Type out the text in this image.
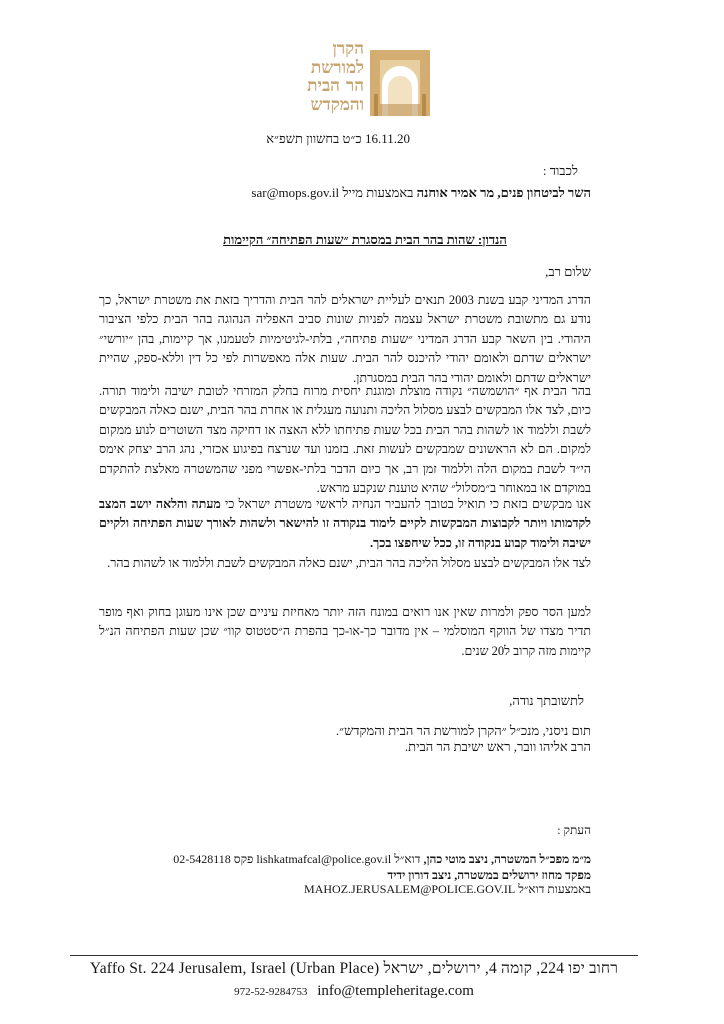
הקרן
למורשת
הר הבית
והמקדש
16.11.20 כ״ט בחשוון תשפ״א
לכבוד :
השר לביטחון פנים, מר אמיר אוחנה באמצעות מייל sar@mops.gov.il
הנדון: שהות בהר הבית במסגרת ״שעות הפתיחה״ הקיימות
שלום רב,
הדרג המדיני קבע בשנת 2003 תנאים לעליית ישראלים להר הבית והדריך בזאת את משטרת ישראל, כך נודע גם מתשובת משטרת ישראל עצמה לפניות שונות סביב האפליה הנהוגה בהר הבית כלפי הציבור היהודי. בין השאר קבע הדרג המדיני ״שעות פתיחה״, בלתי-לגיטימיות לטעמנו, אך קיימות, בהן ״יורשי״ ישראלים שדתם ולאומם יהודי להיכנס להר הבית. שעות אלה מאפשרות לפי כל דין וללא-ספק, שהיית ישראלים שדתם ולאומם יהודי בהר הבית במסגרתן.
בהר הבית אף ״הושמשה״ נקודה מוצלת ומוגנת יחסית מרוח בחלק המזרחי לטובת ישיבה ולימוד תורה. כיום, לצד אלו המבקשים לבצע מסלול הליכה ותנועה מעגלית או אחרת בהר הבית, ישנם כאלה המבקשים לשבת וללמוד או לשהות בהר הבית בכל שעות פתיחתו ללא האצה או דחיקה מצד השוטרים לנוע ממקום למקום. הם לא הראשונים שמבקשים לעשות זאת. בזמנו ועד שנרצח בפיגוע אכזרי, נהג הרב יצחק אימס הי״ד לשבת במקום הלה וללמוד זמן רב, אך כיום הדבר בלתי-אפשרי מפני שהמשטרה מאלצת להתקדם במוקדם או במאוחר ב״מסלול״ שהיא טוענת שנקבע מראש.
אנו מבקשים בזאת כי תואיל בטובך להעביר הנחיה לראשי משטרת ישראל כי מעתה והלאה יושב המצב לקדמותו ויותר לקבוצות המבקשות לקיים לימוד בנקודה זו להישאר ולשהות לאורך שעות הפתיחה ולקיים ישיבה ולימוד קבוע בנקודה זו, ככל שיחפצו בכך.
לצד אלו המבקשים לבצע מסלול הליכה בהר הבית, ישנם כאלה המבקשים לשבת וללמוד או לשהות בהר.
למען הסר ספק ולמרות שאין אנו רואים במונח הזה יותר מאחיזת עיניים שכן אינו מעוגן בחוק ואף מופר תדיר מצדו של הווקף המוסלמי – אין מדובר כך-או-כך בהפרת ה״סטטוס קוו״ שכן שעות הפתיחה הנ״ל קיימות מזה קרוב ל20 שנים.
לתשובתך נודה,
תום ניסני, מנכ״ל ״הקרן למורשת הר הבית והמקדש״.
הרב אליהו וובר, ראש ישיבת הר הבית.
העתק :
מ״מ מפכ״ל המשטרה, ניצב מוטי כהן, דוא״ל lishkatmafcal@police.gov.il פקס 02-5428118
מפקד מחוז ירושלים במשטרה, ניצב דורון ידיד
באמצעות דוא״ל MAHOZ.JERUSALEM@POLICE.GOV.IL
רחוב יפו 224, קומה 4, ירושלים, ישראל Yaffo St. 224 Jerusalem, Israel (Urban Place)
972-52-9284753 info@templeheritage.com
